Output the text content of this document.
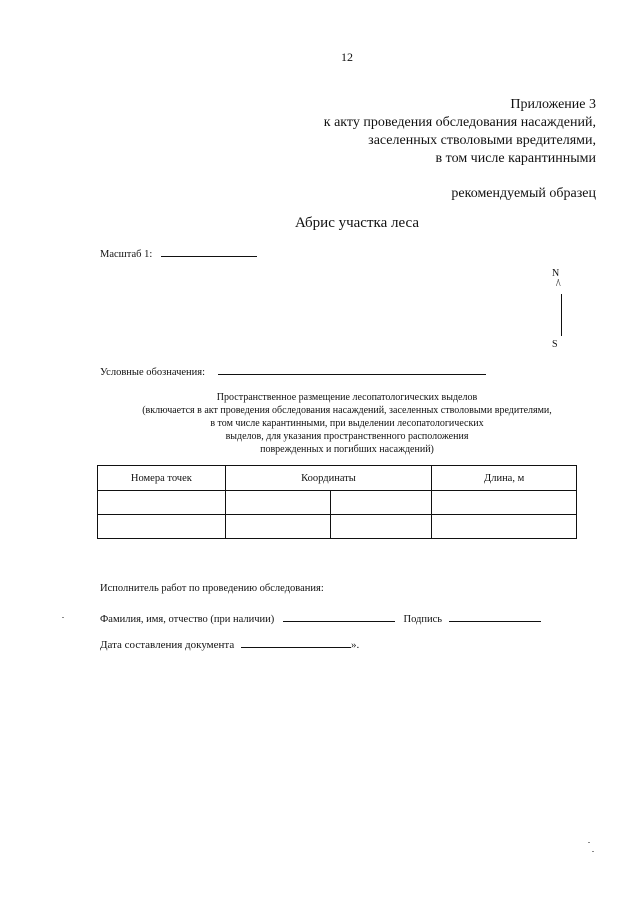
12
Приложение 3
к акту проведения обследования насаждений,
заселенных стволовыми вредителями,
в том числе карантинными
рекомендуемый образец
Абрис участка леса
Масштаб 1:
N
/\
S
Условные обозначения:
Пространственное размещение лесопатологических выделов
(включается в акт проведения обследования насаждений, заселенных стволовыми вредителями,
в том числе карантинными, при выделении лесопатологических
выделов, для указания пространственного расположения
поврежденных и погибших насаждений)
Номера точек	Координаты		Длина, м

Исполнитель работ по проведению обследования:
Фамилия, имя, отчество (при наличии)	Подпись
Дата составления документа	».
